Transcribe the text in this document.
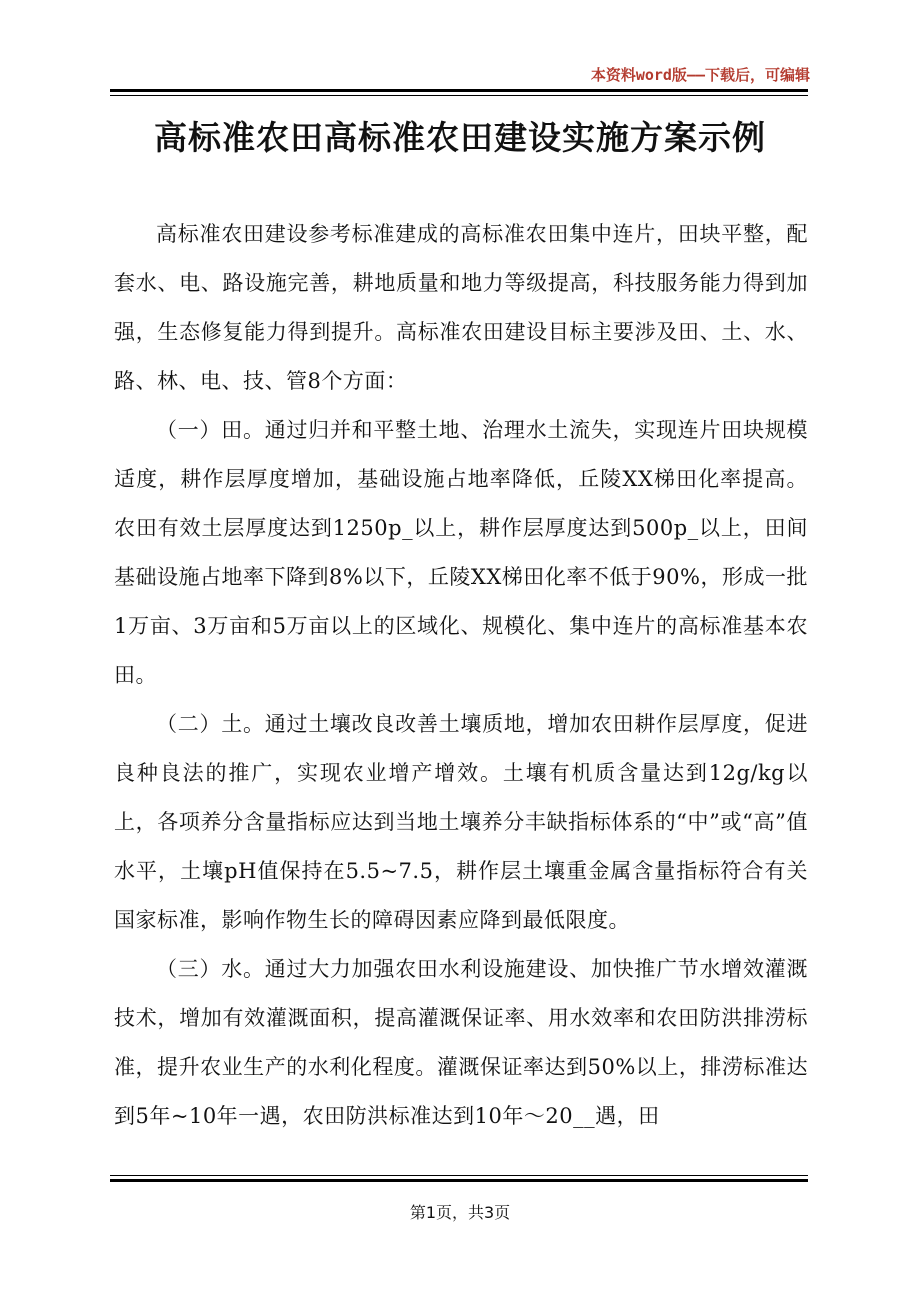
本资料word版——下载后，可编辑
高标准农田高标准农田建设实施方案示例

高标准农田建设参考标准建成的高标准农田集中连片，田块平整，配套水、电、路设施完善，耕地质量和地力等级提高，科技服务能力得到加强，生态修复能力得到提升。高标准农田建设目标主要涉及田、土、水、路、林、电、技、管8个方面：

（一）田。通过归并和平整土地、治理水土流失，实现连片田块规模适度，耕作层厚度增加，基础设施占地率降低，丘陵XX梯田化率提高。农田有效土层厚度达到1250p_以上，耕作层厚度达到500p_以上，田间基础设施占地率下降到8%以下，丘陵XX梯田化率不低于90%，形成一批1万亩、3万亩和5万亩以上的区域化、规模化、集中连片的高标准基本农田。

（二）土。通过土壤改良改善土壤质地，增加农田耕作层厚度，促进良种良法的推广，实现农业增产增效。土壤有机质含量达到12g/kg以上，各项养分含量指标应达到当地土壤养分丰缺指标体系的“中”或“高”值水平，土壤pH值保持在5.5~7.5，耕作层土壤重金属含量指标符合有关国家标准，影响作物生长的障碍因素应降到最低限度。

（三）水。通过大力加强农田水利设施建设、加快推广节水增效灌溉技术，增加有效灌溉面积，提高灌溉保证率、用水效率和农田防洪排涝标准，提升农业生产的水利化程度。灌溉保证率达到50%以上，排涝标准达到5年~10年一遇，农田防洪标准达到10年～20__遇，田

第1页，共3页
